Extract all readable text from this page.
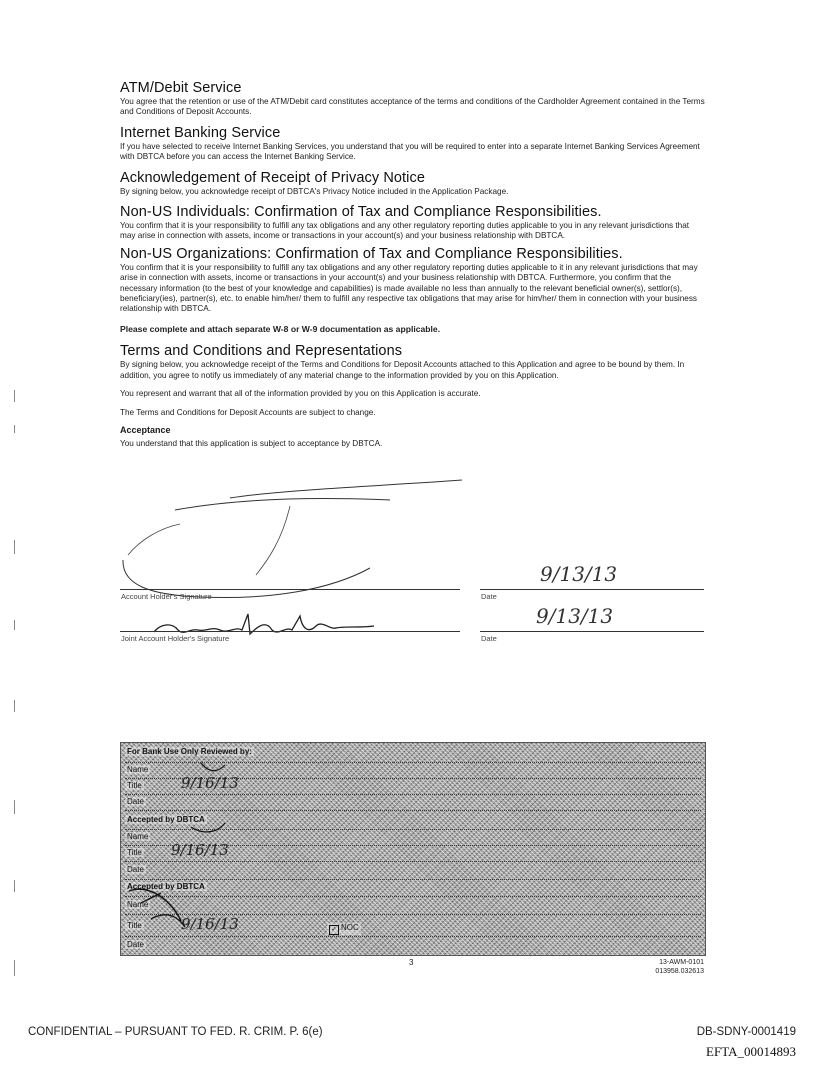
ATM/Debit Service
You agree that the retention or use of the ATM/Debit card constitutes acceptance of the terms and conditions of the Cardholder Agreement contained in the Terms and Conditions of Deposit Accounts.
Internet Banking Service
If you have selected to receive Internet Banking Services, you understand that you will be required to enter into a separate Internet Banking Services Agreement with DBTCA before you can access the Internet Banking Service.
Acknowledgement of Receipt of Privacy Notice
By signing below, you acknowledge receipt of DBTCA's Privacy Notice included in the Application Package.
Non-US Individuals: Confirmation of Tax and Compliance Responsibilities.
You confirm that it is your responsibility to fulfill any tax obligations and any other regulatory reporting duties applicable to you in any relevant jurisdictions that may arise in connection with assets, income or transactions in your account(s) and your business relationship with DBTCA.
Non-US Organizations: Confirmation of Tax and Compliance Responsibilities.
You confirm that it is your responsibility to fulfill any tax obligations and any other regulatory reporting duties applicable to it in any relevant jurisdictions that may arise in connection with assets, income or transactions in your account(s) and your business relationship with DBTCA. Furthermore, you confirm that the necessary information (to the best of your knowledge and capabilities) is made available no less than annually to the relevant beneficial owner(s), settlor(s), beneficiary(ies), partner(s), etc. to enable him/her/ them to fulfill any respective tax obligations that may arise for him/her/ them in connection with your business relationship with DBTCA.
Please complete and attach separate W-8 or W-9 documentation as applicable.
Terms and Conditions and Representations
By signing below, you acknowledge receipt of the Terms and Conditions for Deposit Accounts attached to this Application and agree to be bound by them. In addition, you agree to notify us immediately of any material change to the information provided by you on this Application.
You represent and warrant that all of the information provided by you on this Application is accurate.
The Terms and Conditions for Deposit Accounts are subject to change.
Acceptance
You understand that this application is subject to acceptance by DBTCA.
Account Holder's Signature	Date
9/13/13
Joint Account Holder's Signature	Date
9/13/13
For Bank Use Only Reviewed by:
Name
Title	9/16/13
Date
Accepted by DBTCA
Name
Title 9/16/13
Date
Accepted by DBTCA
Name
Title	9/16/13	✓ NOC
Date
3	13-AWM-0101
013958.032613
CONFIDENTIAL – PURSUANT TO FED. R. CRIM. P. 6(e)	DB-SDNY-0001419
EFTA_00014893
